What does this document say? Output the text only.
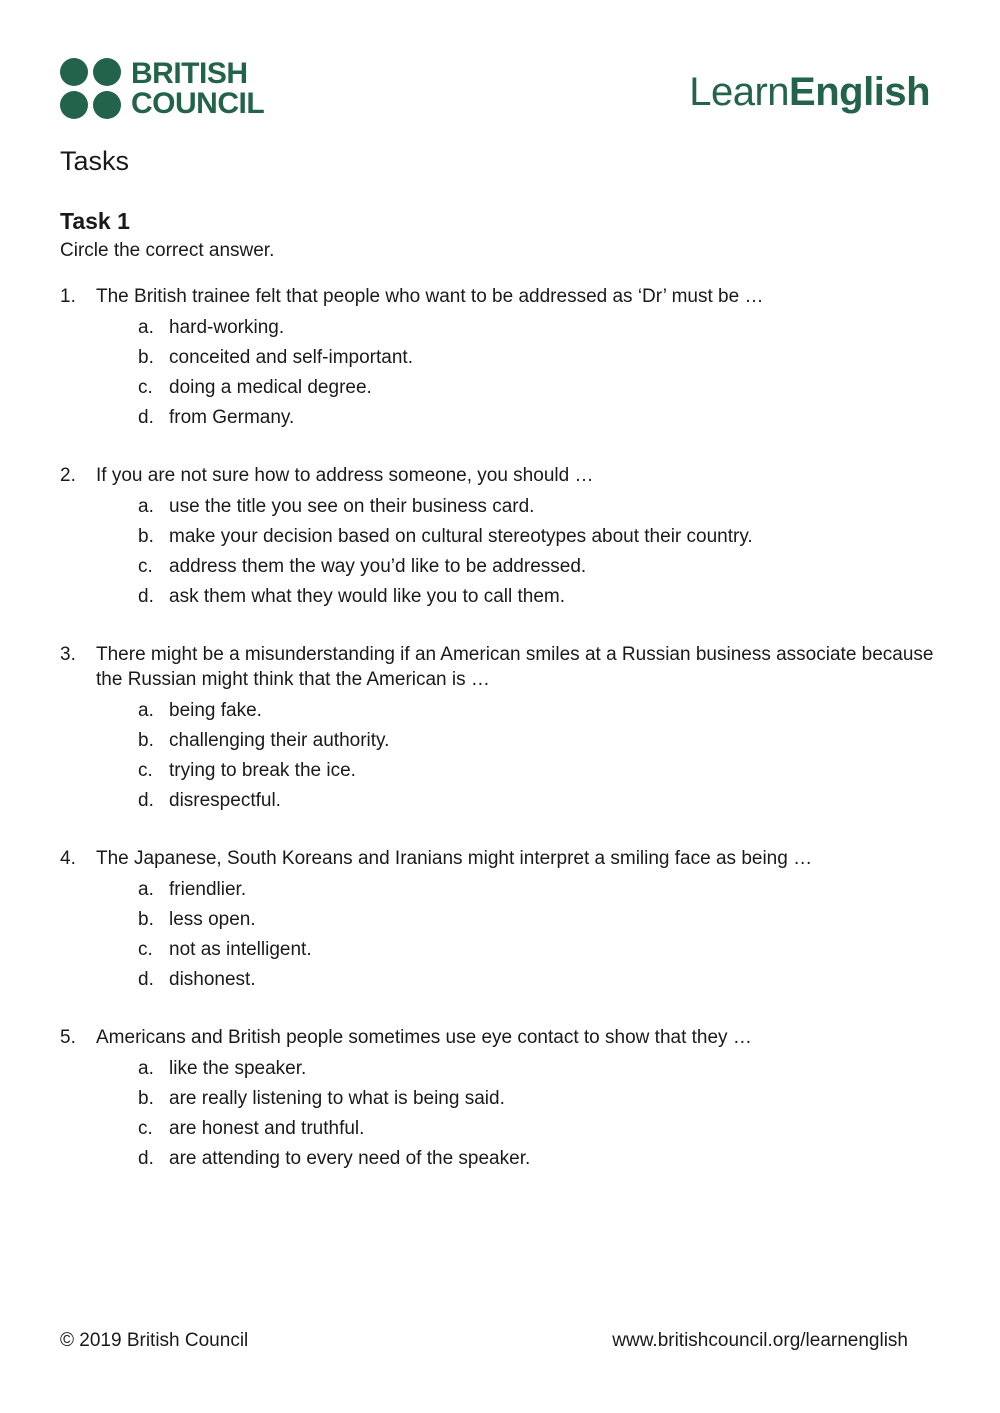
BRITISH
COUNCIL	LearnEnglish
Tasks
Task 1
Circle the correct answer.
1.	The British trainee felt that people who want to be addressed as ‘Dr’ must be …
a. hard-working.
b. conceited and self-important.
c. doing a medical degree.
d. from Germany.
2.	If you are not sure how to address someone, you should …
a. use the title you see on their business card.
b. make your decision based on cultural stereotypes about their country.
c. address them the way you’d like to be addressed.
d. ask them what they would like you to call them.
3.	There might be a misunderstanding if an American smiles at a Russian business associate because the Russian might think that the American is …
a. being fake.
b. challenging their authority.
c. trying to break the ice.
d. disrespectful.
4.	The Japanese, South Koreans and Iranians might interpret a smiling face as being …
a. friendlier.
b. less open.
c. not as intelligent.
d. dishonest.
5.	Americans and British people sometimes use eye contact to show that they …
a. like the speaker.
b. are really listening to what is being said.
c. are honest and truthful.
d. are attending to every need of the speaker.
© 2019 British Council	www.britishcouncil.org/learnenglish
